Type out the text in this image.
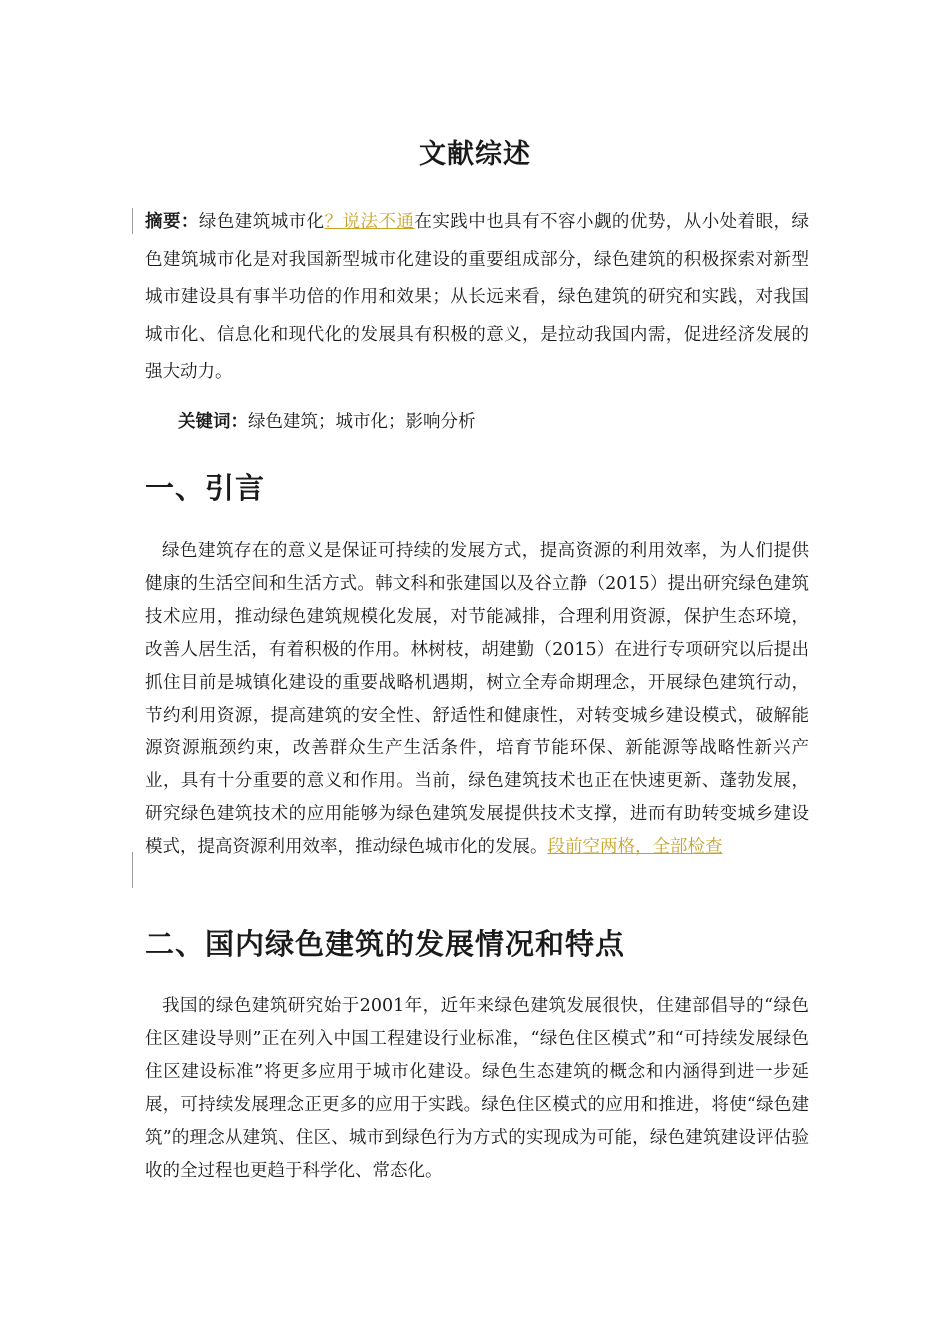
文献综述
摘要：绿色建筑城市化？说法不通在实践中也具有不容小觑的优势，从小处着眼，绿色建筑城市化是对我国新型城市化建设的重要组成部分，绿色建筑的积极探索对新型城市建设具有事半功倍的作用和效果；从长远来看，绿色建筑的研究和实践，对我国城市化、信息化和现代化的发展具有积极的意义，是拉动我国内需，促进经济发展的强大动力。
关键词：绿色建筑；城市化；影响分析
一、引言
绿色建筑存在的意义是保证可持续的发展方式，提高资源的利用效率，为人们提供健康的生活空间和生活方式。韩文科和张建国以及谷立静（2015）提出研究绿色建筑技术应用，推动绿色建筑规模化发展，对节能减排，合理利用资源，保护生态环境，改善人居生活，有着积极的作用。林树枝，胡建勤（2015）在进行专项研究以后提出抓住目前是城镇化建设的重要战略机遇期，树立全寿命期理念，开展绿色建筑行动，节约利用资源，提高建筑的安全性、舒适性和健康性，对转变城乡建设模式，破解能源资源瓶颈约束，改善群众生产生活条件，培育节能环保、新能源等战略性新兴产业，具有十分重要的意义和作用。当前，绿色建筑技术也正在快速更新、蓬勃发展，研究绿色建筑技术的应用能够为绿色建筑发展提供技术支撑，进而有助转变城乡建设模式，提高资源利用效率，推动绿色城市化的发展。段前空两格，全部检查
二、国内绿色建筑的发展情况和特点
我国的绿色建筑研究始于2001年，近年来绿色建筑发展很快，住建部倡导的“绿色住区建设导则”正在列入中国工程建设行业标准，“绿色住区模式”和“可持续发展绿色住区建设标准”将更多应用于城市化建设。绿色生态建筑的概念和内涵得到进一步延展，可持续发展理念正更多的应用于实践。绿色住区模式的应用和推进，将使“绿色建筑”的理念从建筑、住区、城市到绿色行为方式的实现成为可能，绿色建筑建设评估验收的全过程也更趋于科学化、常态化。
